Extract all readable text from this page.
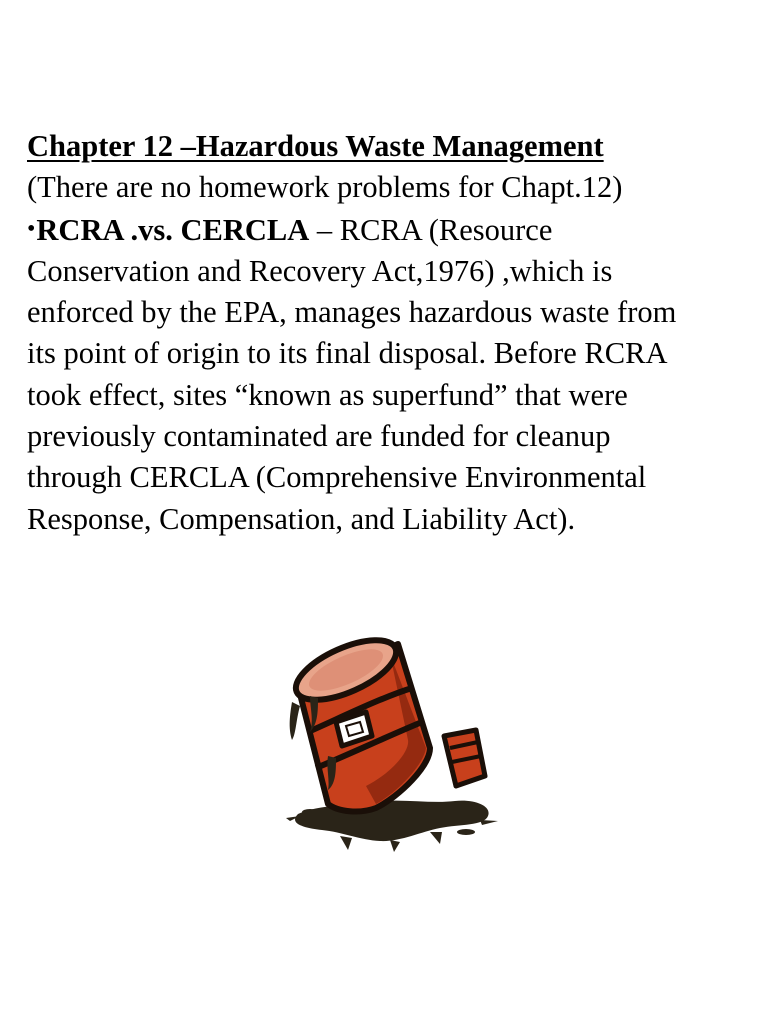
Chapter 12 –Hazardous Waste Management
(There are no homework problems for Chapt.12)
•RCRA .vs. CERCLA – RCRA (Resource
Conservation and Recovery Act,1976) ,which is
enforced by the EPA, manages hazardous waste from
its point of origin to its final disposal. Before RCRA
took effect, sites “known as superfund” that were
previously contaminated are funded for cleanup
through CERCLA (Comprehensive Environmental
Response, Compensation, and Liability Act).
